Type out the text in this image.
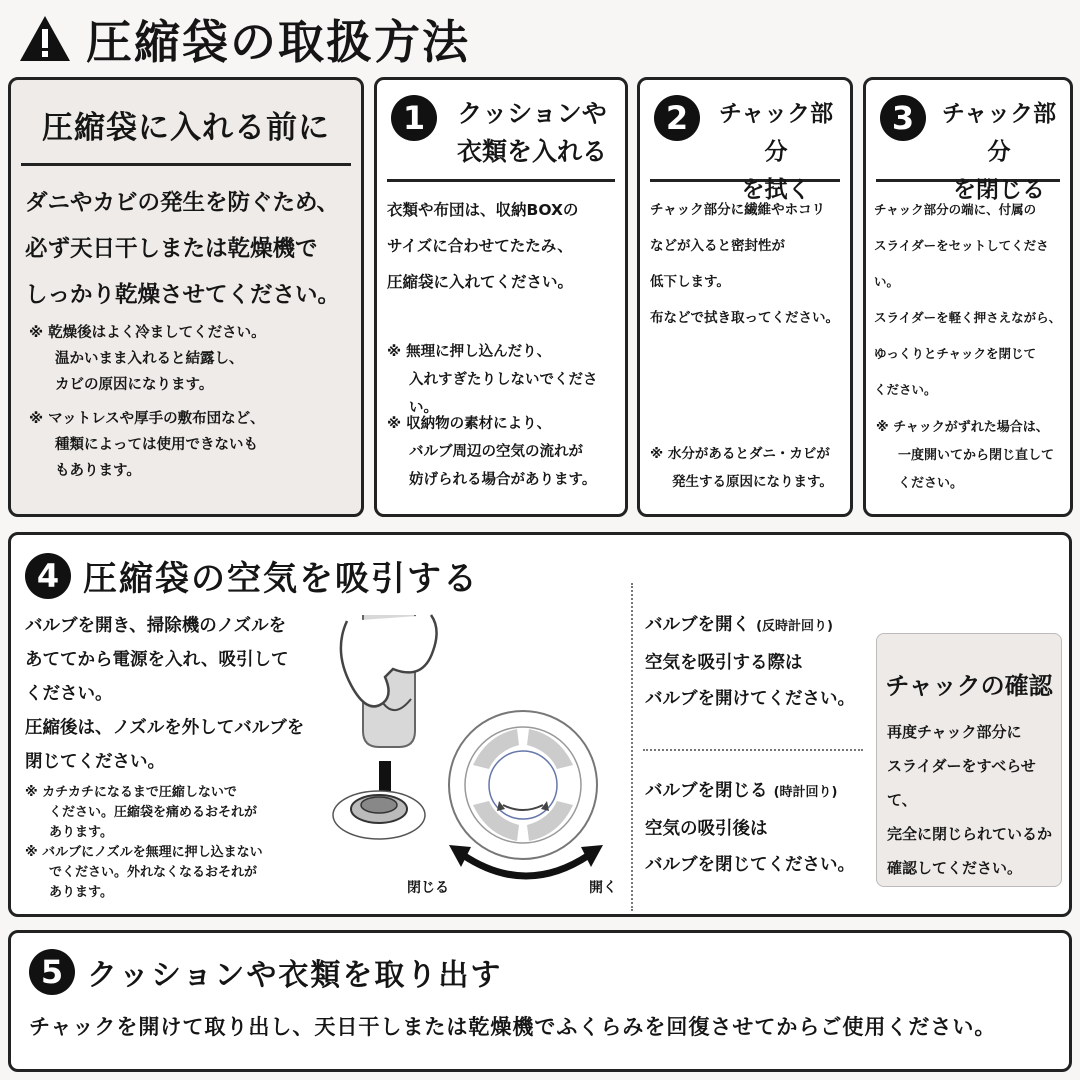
圧縮袋の取扱方法
圧縮袋に入れる前に
ダニやカビの発生を防ぐため、
必ず天日干しまたは乾燥機で
しっかり乾燥させてください。
※ 乾燥後はよく冷ましてください。
温かいまま入れると結露し、
カビの原因になります。
※ マットレスや厚手の敷布団など、
種類によっては使用できないも
もあります。
1	クッションや
衣類を入れる
衣類や布団は、収納BOXの
サイズに合わせてたたみ、
圧縮袋に入れてください。
※ 無理に押し込んだり、
入れすぎたりしないでください。
※ 収納物の素材により、
バルブ周辺の空気の流れが
妨げられる場合があります。
2	チャック部分
を拭く
チャック部分に繊維やホコリ
などが入ると密封性が
低下します。
布などで拭き取ってください。
※ 水分があるとダニ・カビが
発生する原因になります。
3	チャック部分
を閉じる
チャック部分の端に、付属の
スライダーをセットしてください。
スライダーを軽く押さえながら、
ゆっくりとチャックを閉じて
ください。
※ チャックがずれた場合は、
一度開いてから閉じ直して
ください。
4 圧縮袋の空気を吸引する
バルブを開き、掃除機のノズルを
あててから電源を入れ、吸引して
ください。
圧縮後は、ノズルを外してバルブを
閉じてください。
※ カチカチになるまで圧縮しないで
ください。圧縮袋を痛めるおそれが
あります。
※ バルブにノズルを無理に押し込まない
でください。外れなくなるおそれが
あります。	閉じる	開く
バルブを開く (反時計回り)
空気を吸引する際は
バルブを開けてください。
バルブを閉じる (時計回り)
空気の吸引後は
バルブを閉じてください。
チャックの確認
再度チャック部分に
スライダーをすべらせて、
完全に閉じられているか
確認してください。
5 クッションや衣類を取り出す
チャックを開けて取り出し、天日干しまたは乾燥機でふくらみを回復させてからご使用ください。
